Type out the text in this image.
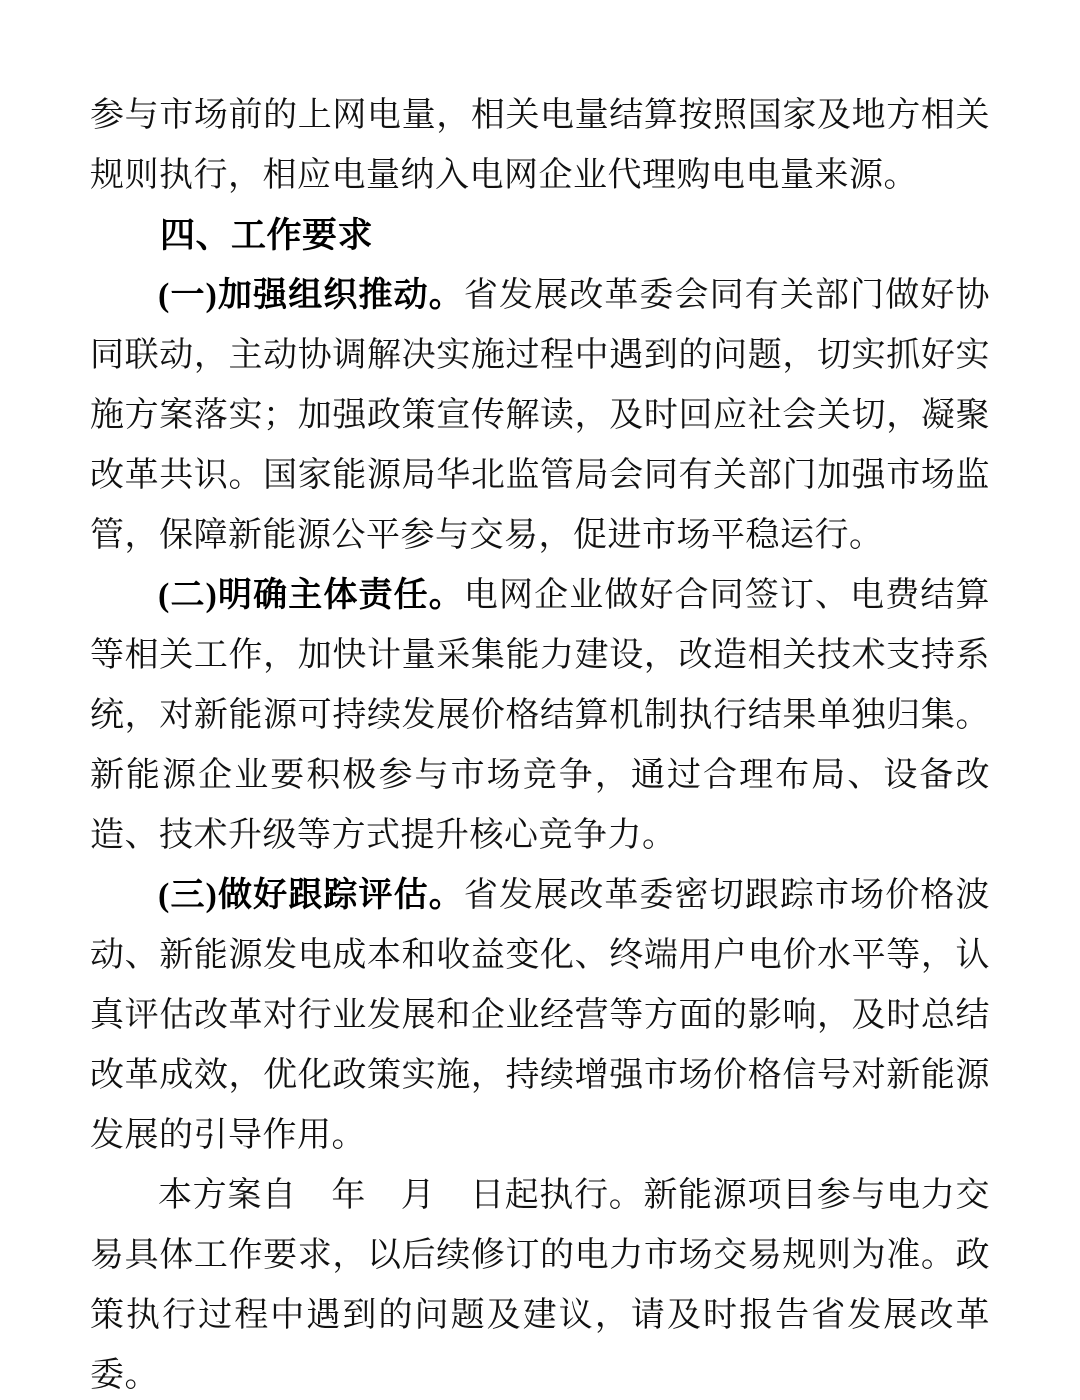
参与市场前的上网电量，相关电量结算按照国家及地方相关规则执行，相应电量纳入电网企业代理购电电量来源。

四、工作要求

(一)加强组织推动。省发展改革委会同有关部门做好协同联动，主动协调解决实施过程中遇到的问题，切实抓好实施方案落实；加强政策宣传解读，及时回应社会关切，凝聚改革共识。国家能源局华北监管局会同有关部门加强市场监管，保障新能源公平参与交易，促进市场平稳运行。

(二)明确主体责任。电网企业做好合同签订、电费结算等相关工作，加快计量采集能力建设，改造相关技术支持系统，对新能源可持续发展价格结算机制执行结果单独归集。新能源企业要积极参与市场竞争，通过合理布局、设备改造、技术升级等方式提升核心竞争力。

(三)做好跟踪评估。省发展改革委密切跟踪市场价格波动、新能源发电成本和收益变化、终端用户电价水平等，认真评估改革对行业发展和企业经营等方面的影响，及时总结改革成效，优化政策实施，持续增强市场价格信号对新能源发展的引导作用。

本方案自　年　月　日起执行。新能源项目参与电力交易具体工作要求，以后续修订的电力市场交易规则为准。政策执行过程中遇到的问题及建议，请及时报告省发展改革委。
